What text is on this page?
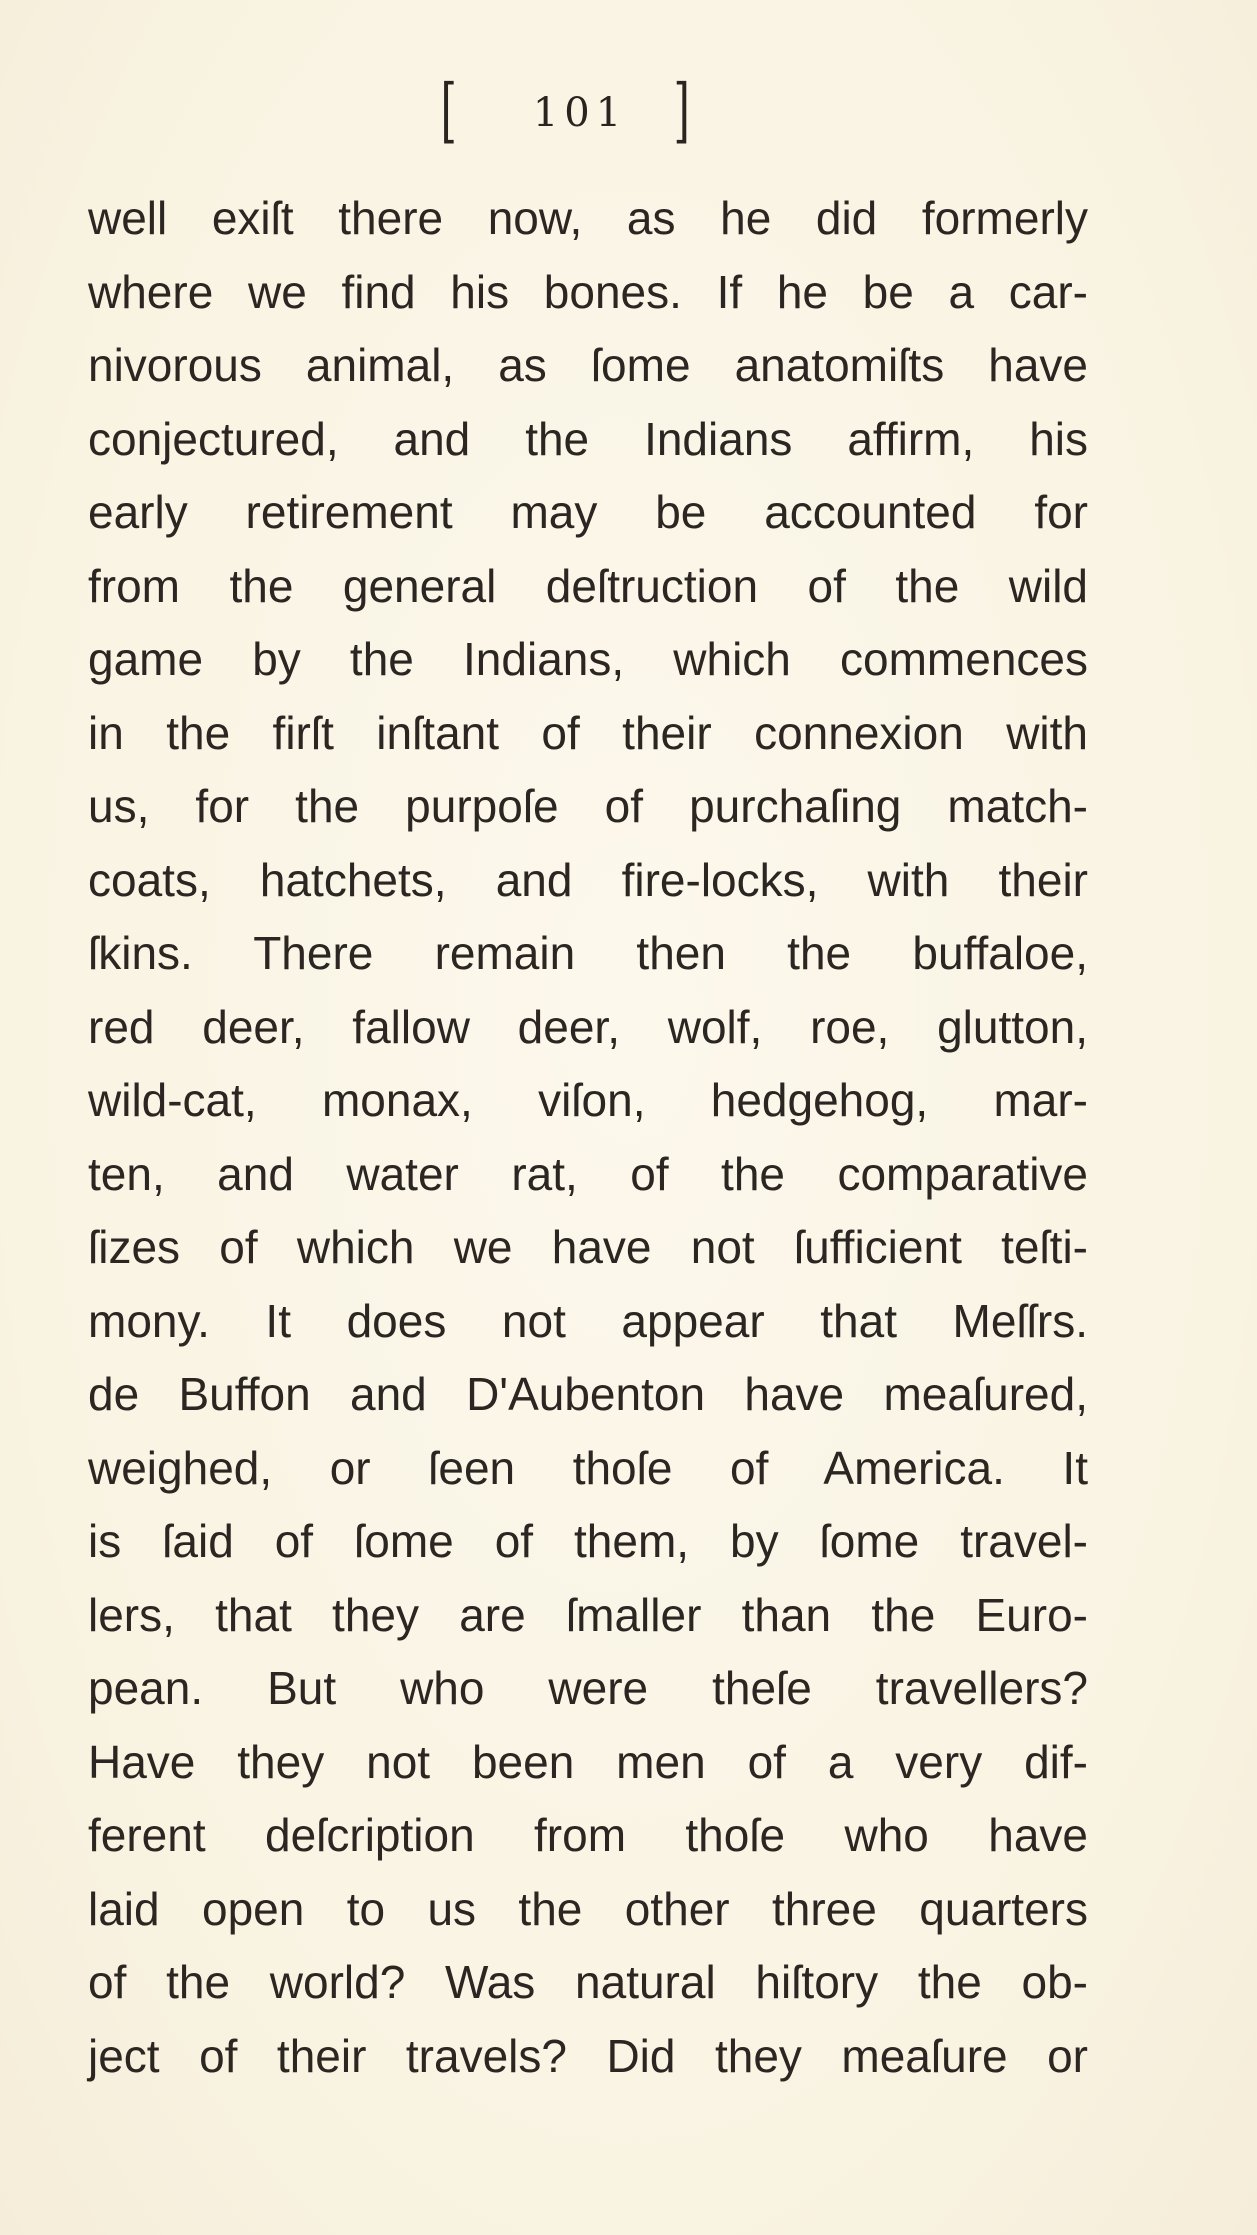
[	101 ]
well exiſt there now, as he did formerly
where we find his bones. If he be a car-
nivorous animal, as ſome anatomiſts have
conjectured, and the Indians affirm, his
early retirement may be accounted for
from the general deſtruction of the wild
game by the Indians, which commences
in the firſt inſtant of their connexion with
us, for the purpoſe of purchaſing match-
coats, hatchets, and fire-locks, with their
ſkins. There remain then the buffaloe,
red deer, fallow deer, wolf, roe, glutton,
wild-cat, monax, viſon, hedgehog, mar-
ten, and water rat, of the comparative
ſizes of which we have not ſufficient teſti-
mony. It does not appear that Meſſrs.
de Buffon and D'Aubenton have meaſured,
weighed, or ſeen thoſe of America. It
is ſaid of ſome of them, by ſome travel-
lers, that they are ſmaller than the Euro-
pean. But who were theſe travellers?
Have they not been men of a very dif-
ferent deſcription from thoſe who have
laid open to us the other three quarters
of the world? Was natural hiſtory the ob-
ject of their travels? Did they meaſure or
